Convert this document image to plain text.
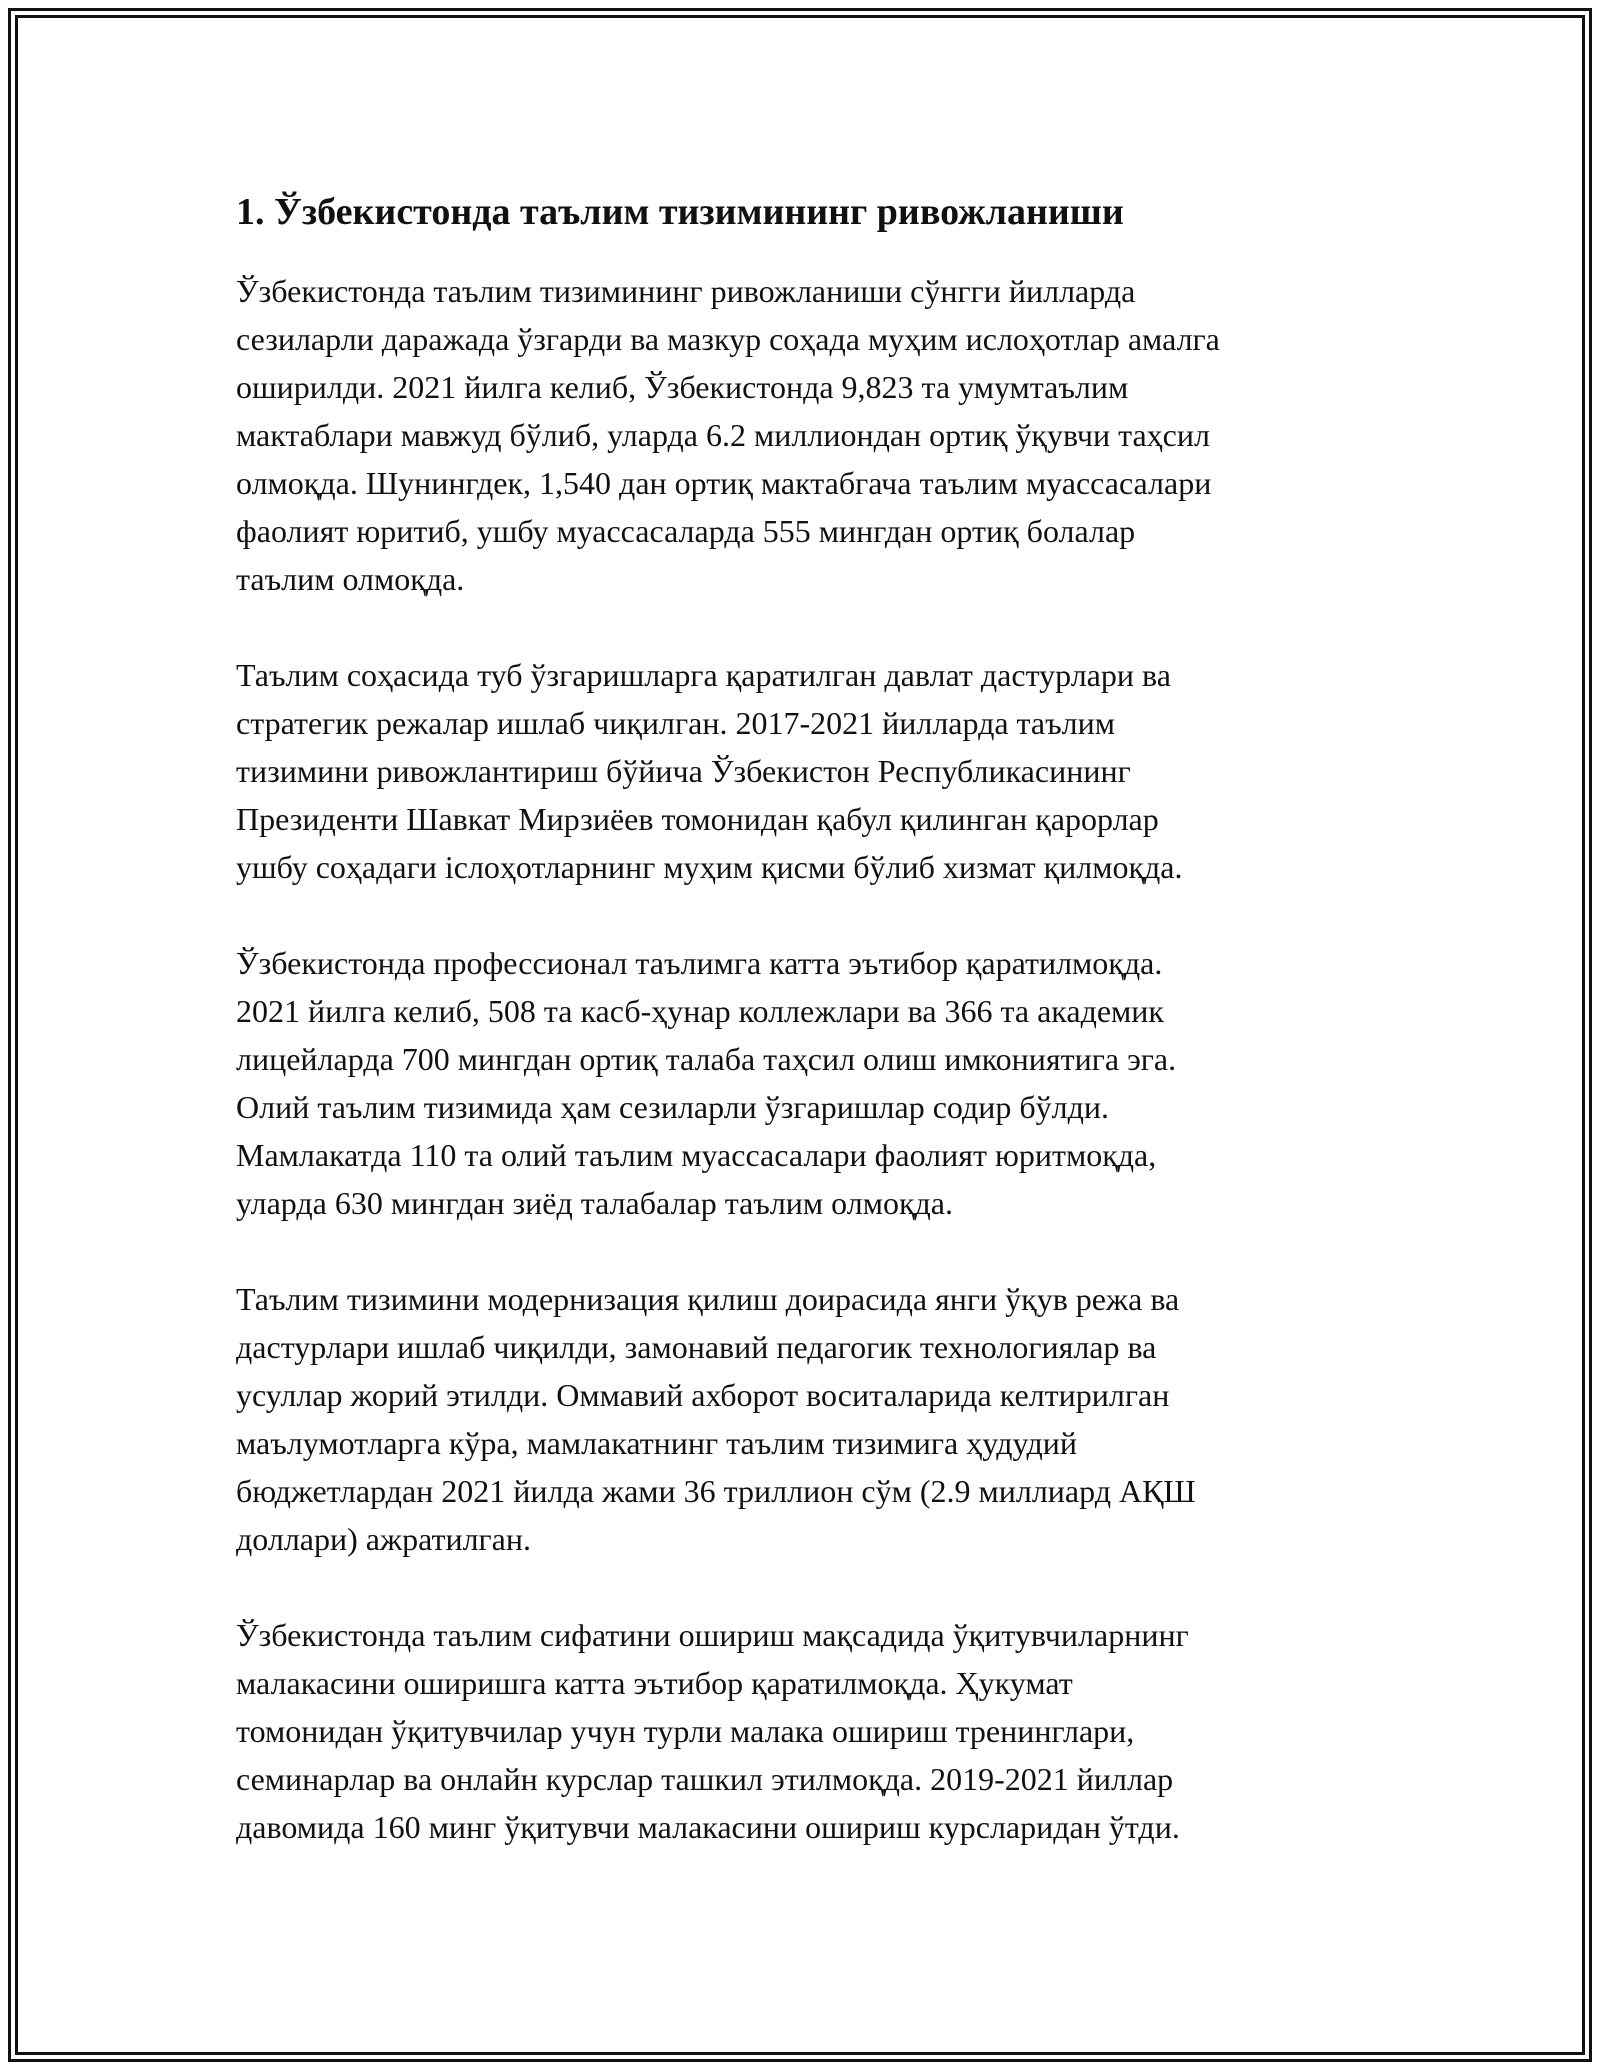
1. Ўзбекистонда таълим тизимининг ривожланиши

Ўзбекистонда таълим тизимининг ривожланиши сўнгги йилларда
сезиларли даражада ўзгарди ва мазкур соҳада муҳим ислоҳотлар амалга
оширилди. 2021 йилга келиб, Ўзбекистонда 9,823 та умумтаълим
мактаблари мавжуд бўлиб, уларда 6.2 миллиондан ортиқ ўқувчи таҳсил
олмоқда. Шунингдек, 1,540 дан ортиқ мактабгача таълим муассасалари
фаолият юритиб, ушбу муассасаларда 555 мингдан ортиқ болалар
таълим олмоқда.

Таълим соҳасида туб ўзгаришларга қаратилган давлат дастурлари ва
стратегик режалар ишлаб чиқилган. 2017-2021 йилларда таълим
тизимини ривожлантириш бўйича Ўзбекистон Республикасининг
Президенти Шавкат Мирзиёев томонидан қабул қилинган қарорлар
ушбу соҳадаги iслоҳотларнинг муҳим қисми бўлиб хизмат қилмоқда.

Ўзбекистонда профессионал таълимга катта эътибор қаратилмоқда.
2021 йилга келиб, 508 та касб-ҳунар коллежлари ва 366 та академик
лицейларда 700 мингдан ортиқ талаба таҳсил олиш имкониятига эга.
Олий таълим тизимида ҳам сезиларли ўзгаришлар содир бўлди.
Мамлакатда 110 та олий таълим муассасалари фаолият юритмоқда,
уларда 630 мингдан зиёд талабалар таълим олмоқда.

Таълим тизимини модернизация қилиш доирасида янги ўқув режа ва
дастурлари ишлаб чиқилди, замонавий педагогик технологиялар ва
усуллар жорий этилди. Оммавий ахборот воситаларида келтирилган
маълумотларга кўра, мамлакатнинг таълим тизимига ҳудудий
бюджетлардан 2021 йилда жами 36 триллион сўм (2.9 миллиард АҚШ
доллари) ажратилган.

Ўзбекистонда таълим сифатини ошириш мақсадида ўқитувчиларнинг
малакасини оширишга катта эътибор қаратилмоқда. Ҳукумат
томонидан ўқитувчилар учун турли малака ошириш тренинглари,
семинарлар ва онлайн курслар ташкил этилмоқда. 2019-2021 йиллар
давомида 160 минг ўқитувчи малакасини ошириш курсларидан ўтди.
